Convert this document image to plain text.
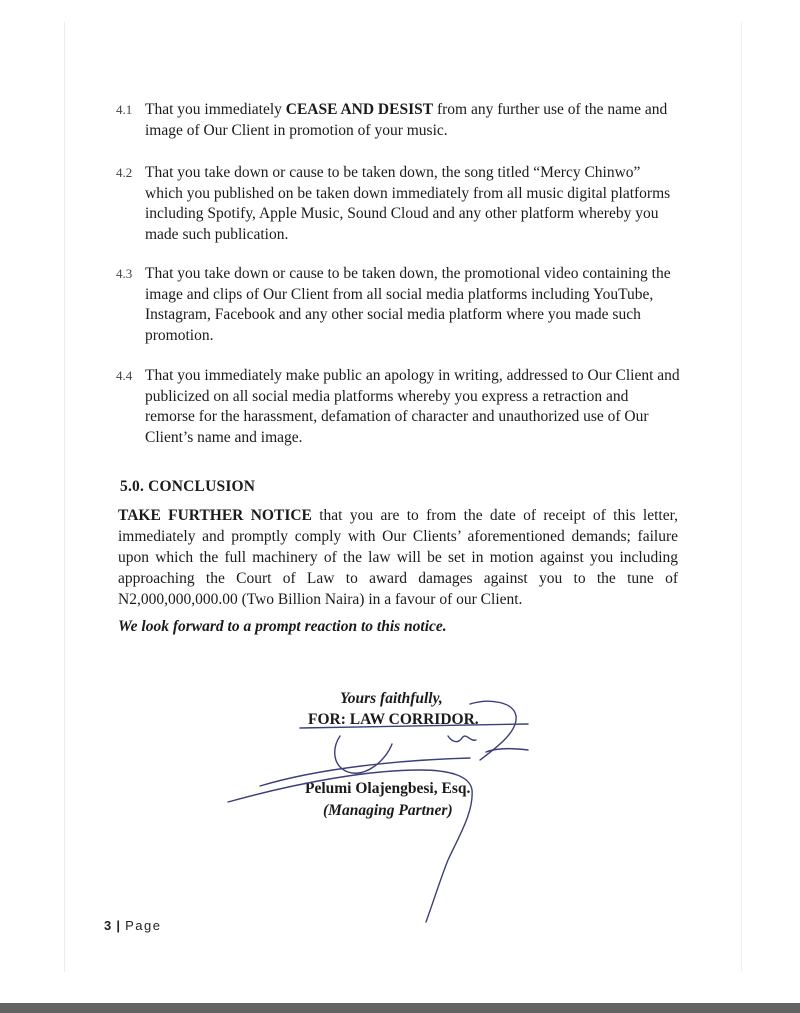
4.1 That you immediately CEASE AND DESIST from any further use of the name and image of Our Client in promotion of your music.
4.2 That you take down or cause to be taken down, the song titled “Mercy Chinwo” which you published on be taken down immediately from all music digital platforms including Spotify, Apple Music, Sound Cloud and any other platform whereby you made such publication.
4.3 That you take down or cause to be taken down, the promotional video containing the image and clips of Our Client from all social media platforms including YouTube, Instagram, Facebook and any other social media platform where you made such promotion.
4.4 That you immediately make public an apology in writing, addressed to Our Client and publicized on all social media platforms whereby you express a retraction and remorse for the harassment, defamation of character and unauthorized use of Our Client’s name and image.
5.0. CONCLUSION
TAKE FURTHER NOTICE that you are to from the date of receipt of this letter, immediately and promptly comply with Our Clients’ aforementioned demands; failure upon which the full machinery of the law will be set in motion against you including approaching the Court of Law to award damages against you to the tune of N2,000,000,000.00 (Two Billion Naira) in a favour of our Client.
We look forward to a prompt reaction to this notice.
Yours faithfully,
FOR: LAW CORRIDOR.
Pelumi Olajengbesi, Esq.
(Managing Partner)
3 | Page
